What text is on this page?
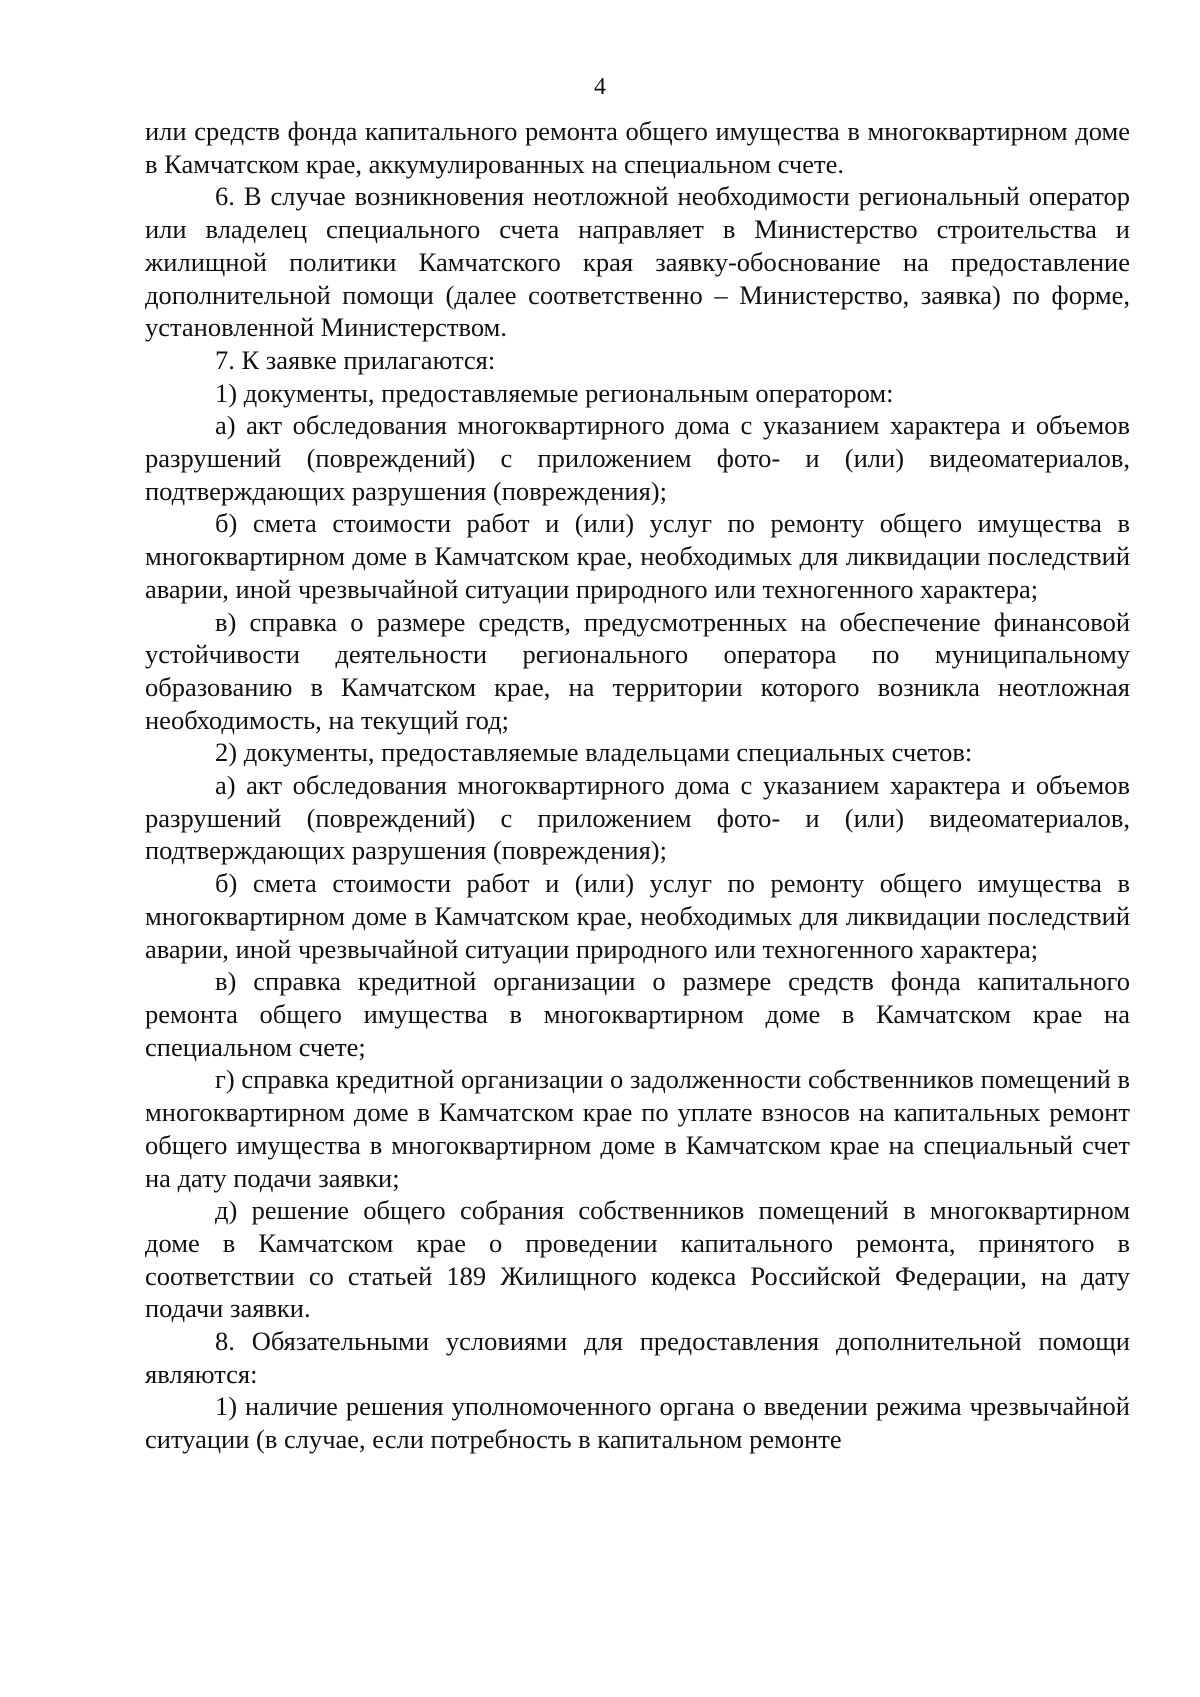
4

или средств фонда капитального ремонта общего имущества в многоквартирном доме в Камчатском крае, аккумулированных на специальном счете.

6. В случае возникновения неотложной необходимости региональный оператор или владелец специального счета направляет в Министерство строительства и жилищной политики Камчатского края заявку-обоснование на предоставление дополнительной помощи (далее соответственно – Министерство, заявка) по форме, установленной Министерством.

7. К заявке прилагаются:

1) документы, предоставляемые региональным оператором:

а) акт обследования многоквартирного дома с указанием характера и объемов разрушений (повреждений) с приложением фото- и (или) видеоматериалов, подтверждающих разрушения (повреждения);

б) смета стоимости работ и (или) услуг по ремонту общего имущества в многоквартирном доме в Камчатском крае, необходимых для ликвидации последствий аварии, иной чрезвычайной ситуации природного или техногенного характера;

в) справка о размере средств, предусмотренных на обеспечение финансовой устойчивости деятельности регионального оператора по муниципальному образованию в Камчатском крае, на территории которого возникла неотложная необходимость, на текущий год;

2) документы, предоставляемые владельцами специальных счетов:

а) акт обследования многоквартирного дома с указанием характера и объемов разрушений (повреждений) с приложением фото- и (или) видеоматериалов, подтверждающих разрушения (повреждения);

б) смета стоимости работ и (или) услуг по ремонту общего имущества в многоквартирном доме в Камчатском крае, необходимых для ликвидации последствий аварии, иной чрезвычайной ситуации природного или техногенного характера;

в) справка кредитной организации о размере средств фонда капитального ремонта общего имущества в многоквартирном доме в Камчатском крае на специальном счете;

г) справка кредитной организации о задолженности собственников помещений в многоквартирном доме в Камчатском крае по уплате взносов на капитальных ремонт общего имущества в многоквартирном доме в Камчатском крае на специальный счет на дату подачи заявки;

д) решение общего собрания собственников помещений в многоквартирном доме в Камчатском крае о проведении капитального ремонта, принятого в соответствии со статьей 189 Жилищного кодекса Российской Федерации, на дату подачи заявки.

8. Обязательными условиями для предоставления дополнительной помощи являются:

1) наличие решения уполномоченного органа о введении режима чрезвычайной ситуации (в случае, если потребность в капитальном ремонте
